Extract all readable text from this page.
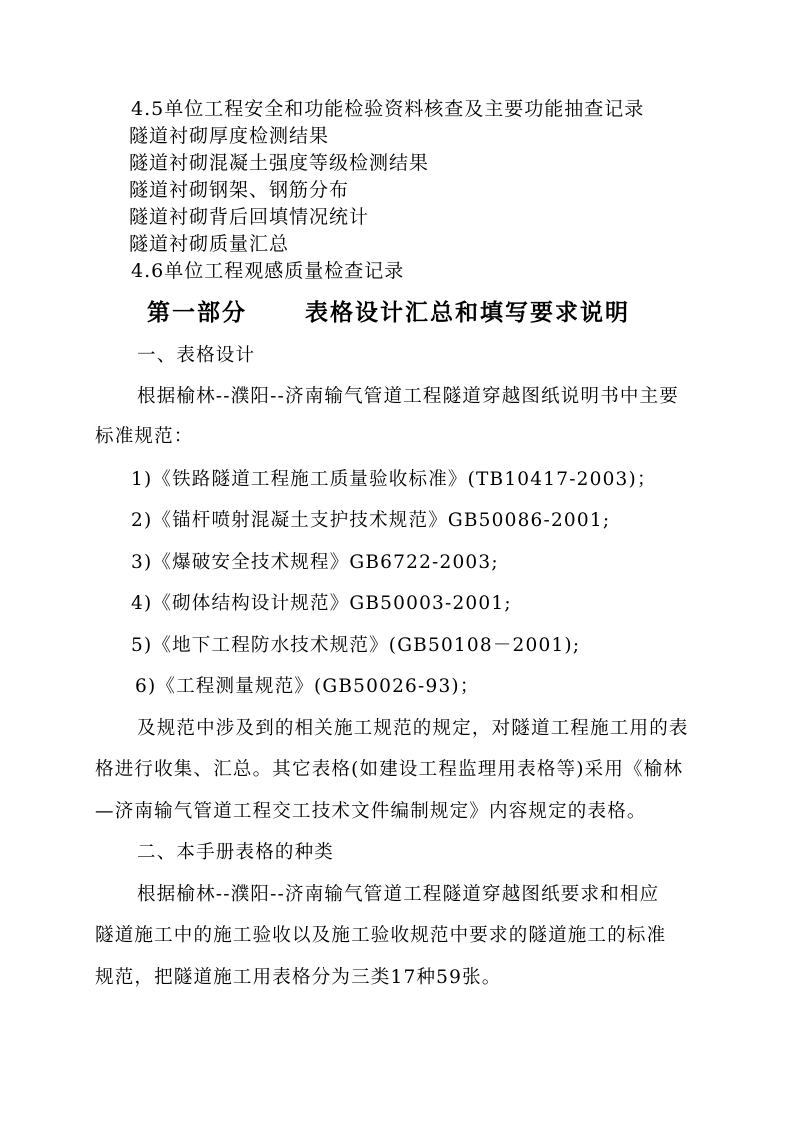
4.5单位工程安全和功能检验资料核查及主要功能抽查记录
隧道衬砌厚度检测结果
隧道衬砌混凝土强度等级检测结果
隧道衬砌钢架、钢筋分布
隧道衬砌背后回填情况统计
隧道衬砌质量汇总
4.6单位工程观感质量检查记录
第一部分	表格设计汇总和填写要求说明
一、表格设计
根据榆林--濮阳--济南输气管道工程隧道穿越图纸说明书中主要
标准规范：
1)《铁路隧道工程施工质量验收标准》(TB10417-2003)；
2)《锚杆喷射混凝土支护技术规范》GB50086-2001;
3)《爆破安全技术规程》GB6722-2003;
4)《砌体结构设计规范》GB50003-2001;
5)《地下工程防水技术规范》(GB50108－2001);
6)《工程测量规范》(GB50026-93)；
及规范中涉及到的相关施工规范的规定，对隧道工程施工用的表
格进行收集、汇总。其它表格(如建设工程监理用表格等)采用《榆林
—济南输气管道工程交工技术文件编制规定》内容规定的表格。
二、本手册表格的种类
根据榆林--濮阳--济南输气管道工程隧道穿越图纸要求和相应
隧道施工中的施工验收以及施工验收规范中要求的隧道施工的标准
规范，把隧道施工用表格分为三类17种59张。
